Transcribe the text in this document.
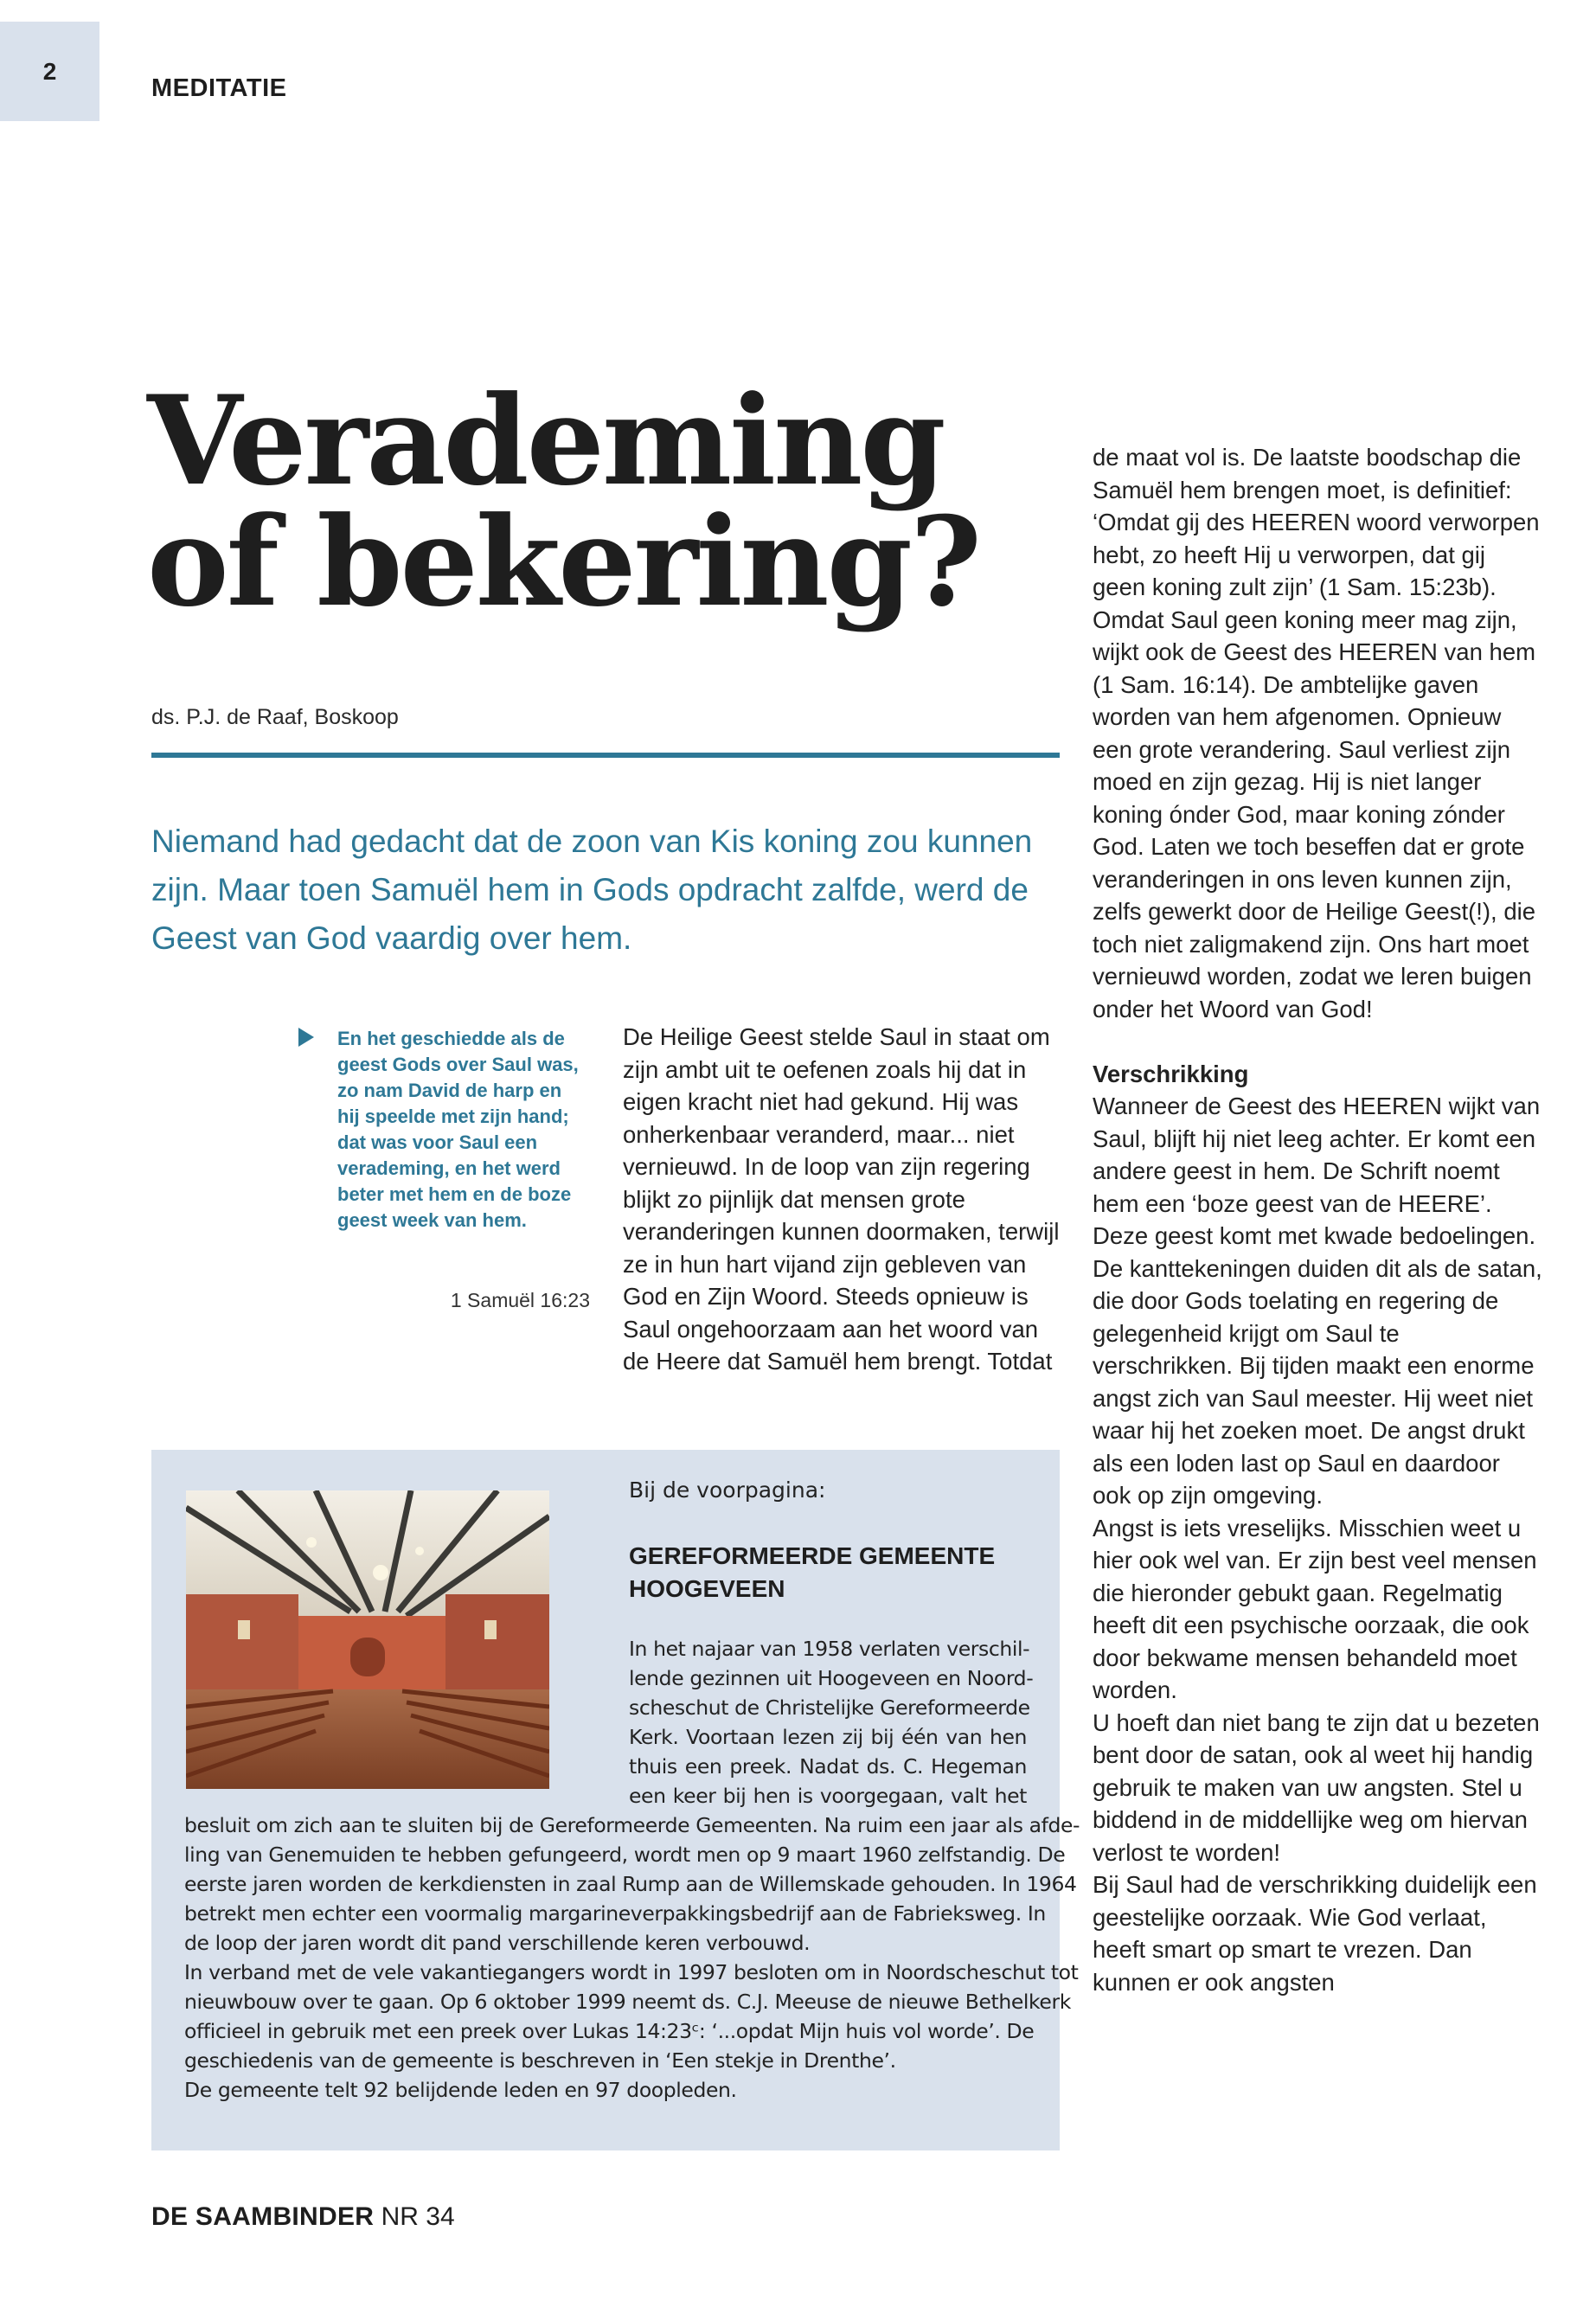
2
MEDITATIE
Verademing
of bekering?
ds. P.J. de Raaf, Boskoop
Niemand had gedacht dat de zoon van Kis koning zou kunnen zijn. Maar toen Samuël hem in Gods opdracht zalfde, werd de Geest van God vaardig over hem.
En het geschiedde als de geest Gods over Saul was, zo nam David de harp en hij speelde met zijn hand; dat was voor Saul een verademing, en het werd beter met hem en de boze geest week van hem.
1 Samuël 16:23

De Heilige Geest stelde Saul in staat om zijn ambt uit te oefenen zoals hij dat in eigen kracht niet had gekund. Hij was onherkenbaar veranderd, maar... niet vernieuwd. In de loop van zijn regering blijkt zo pijnlijk dat mensen grote veranderingen kunnen doormaken, terwijl ze in hun hart vijand zijn gebleven van God en Zijn Woord. Steeds opnieuw is Saul ongehoorzaam aan het woord van de Heere dat Samuël hem brengt. Totdat

de maat vol is. De laatste boodschap die Samuël hem brengen moet, is definitief: ‘Omdat gij des HEEREN woord verworpen hebt, zo heeft Hij u verworpen, dat gij geen koning zult zijn’ (1 Sam. 15:23b).

Omdat Saul geen koning meer mag zijn, wijkt ook de Geest des HEEREN van hem (1 Sam. 16:14). De ambtelijke gaven worden van hem afgenomen. Opnieuw een grote verandering. Saul verliest zijn moed en zijn gezag. Hij is niet langer koning ónder God, maar koning zónder God. Laten we toch beseffen dat er grote veranderingen in ons leven kunnen zijn, zelfs gewerkt door de Heilige Geest(!), die toch niet zaligmakend zijn. Ons hart moet vernieuwd worden, zodat we leren buigen onder het Woord van God!

Verschrikking

Wanneer de Geest des HEEREN wijkt van Saul, blijft hij niet leeg achter. Er komt een andere geest in hem. De Schrift noemt hem een ‘boze geest van de HEERE’. Deze geest komt met kwade bedoelingen. De kanttekeningen duiden dit als de satan, die door Gods toelating en regering de gelegenheid krijgt om Saul te verschrikken. Bij tijden maakt een enorme angst zich van Saul meester. Hij weet niet waar hij het zoeken moet. De angst drukt als een loden last op Saul en daardoor ook op zijn omgeving.

Angst is iets vreselijks. Misschien weet u hier ook wel van. Er zijn best veel mensen die hieronder gebukt gaan. Regelmatig heeft dit een psychische oorzaak, die ook door bekwame mensen behandeld moet worden.

U hoeft dan niet bang te zijn dat u bezeten bent door de satan, ook al weet hij handig gebruik te maken van uw angsten. Stel u biddend in de middellijke weg om hiervan verlost te worden!

Bij Saul had de verschrikking duidelijk een geestelijke oorzaak. Wie God verlaat, heeft smart op smart te vrezen. Dan kunnen er ook angsten

Bij de voorpagina:
GEREFORMEERDE GEMEENTE HOOGEVEEN
In het najaar van 1958 verlaten verschil-
lende gezinnen uit Hoogeveen en Noord-
scheschut de Christelijke Gereformeerde
Kerk. Voortaan lezen zij bij één van hen
thuis een preek. Nadat ds. C. Hegeman
een keer bij hen is voorgegaan, valt het
besluit om zich aan te sluiten bij de Gereformeerde Gemeenten. Na ruim een jaar als afde-
ling van Genemuiden te hebben gefungeerd, wordt men op 9 maart 1960 zelfstandig. De
eerste jaren worden de kerkdiensten in zaal Rump aan de Willemskade gehouden. In 1964
betrekt men echter een voormalig margarineverpakkingsbedrijf aan de Fabrieksweg. In
de loop der jaren wordt dit pand verschillende keren verbouwd.
In verband met de vele vakantiegangers wordt in 1997 besloten om in Noordscheschut tot
nieuwbouw over te gaan. Op 6 oktober 1999 neemt ds. C.J. Meeuse de nieuwe Bethelkerk
officieel in gebruik met een preek over Lukas 14:23ᶜ: ‘...opdat Mijn huis vol worde’. De
geschiedenis van de gemeente is beschreven in ‘Een stekje in Drenthe’.
De gemeente telt 92 belijdende leden en 97 doopleden.
DE SAAMBINDER NR 34
